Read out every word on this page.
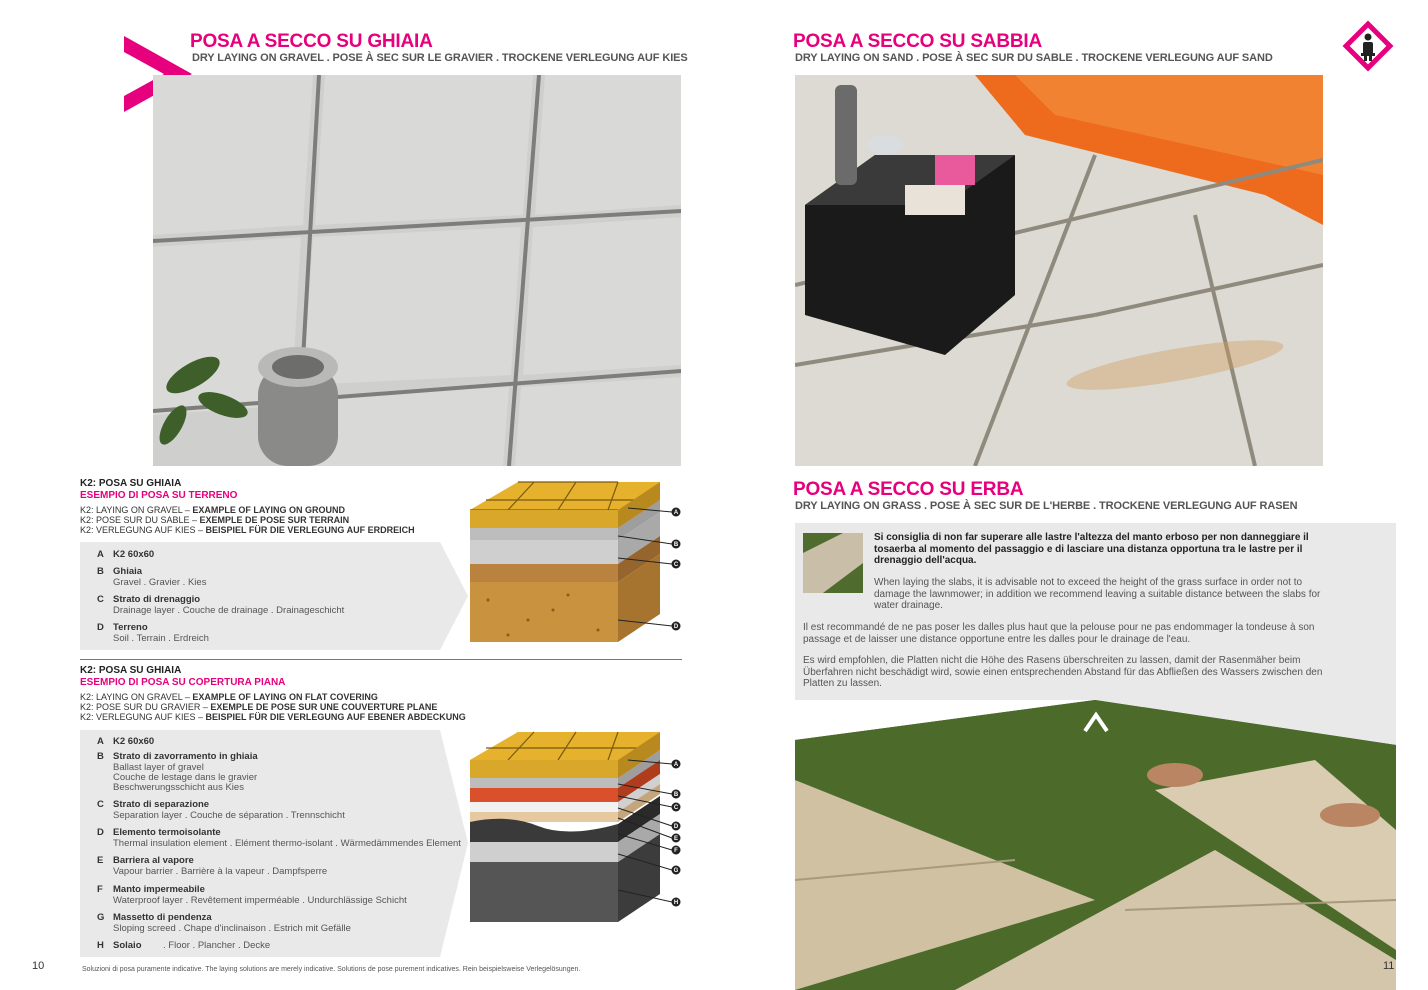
POSA A SECCO SU GHIAIA
DRY LAYING ON GRAVEL . POSE À SEC SUR LE GRAVIER . TROCKENE VERLEGUNG AUF KIES
K2: POSA SU GHIAIA
ESEMPIO DI POSA SU TERRENO
K2: LAYING ON GRAVEL – EXAMPLE OF LAYING ON GROUND
K2: POSE SUR DU SABLE – EXEMPLE DE POSE SUR TERRAIN
K2: VERLEGUNG AUF KIES – BEISPIEL FÜR DIE VERLEGUNG AUF ERDREICH
A K2 60x60
B Ghiaia
Gravel . Gravier . Kies
C Strato di drenaggio
Drainage layer . Couche de drainage . Drainageschicht
D Terreno
Soil . Terrain . Erdreich
A
B
C
D
K2: POSA SU GHIAIA
ESEMPIO DI POSA SU COPERTURA PIANA
K2: LAYING ON GRAVEL – EXAMPLE OF LAYING ON FLAT COVERING
K2: POSE SUR DU GRAVIER – EXEMPLE DE POSE SUR UNE COUVERTURE PLANE
K2: VERLEGUNG AUF KIES – BEISPIEL FÜR DIE VERLEGUNG AUF EBENER ABDECKUNG
A K2 60x60
B Strato di zavorramento in ghiaia
Ballast layer of gravel
Couche de lestage dans le gravier
Beschwerungsschicht aus Kies
C Strato di separazione
Separation layer . Couche de séparation . Trennschicht
D Elemento termoisolante
Thermal insulation element . Elément thermo-isolant . Wärmedämmendes Element
E	Barriera al vapore
Vapour barrier . Barrière à la vapeur . Dampfsperre
F	Manto impermeabile
Waterproof layer . Revêtement imperméable . Undurchlässige Schicht
G Massetto di pendenza
Sloping screed . Chape d'inclinaison . Estrich mit Gefälle
H Solaio . Floor . Plancher . Decke
A
B
C
D
E
F
G
H
10	Soluzioni di posa puramente indicative. The laying solutions are merely indicative. Solutions de pose purement indicatives. Rein beispielsweise Verlegelösungen.
POSA A SECCO SU SABBIA
DRY LAYING ON SAND . POSE À SEC SUR DU SABLE . TROCKENE VERLEGUNG AUF SAND
POSA A SECCO SU ERBA
DRY LAYING ON GRASS . POSE À SEC SUR DE L'HERBE . TROCKENE VERLEGUNG AUF RASEN
Si consiglia di non far superare alle lastre l'altezza del manto erboso per non danneggiare il tosaerba al momento del passaggio e di lasciare una distanza opportuna tra le lastre per il drenaggio dell'acqua.
When laying the slabs, it is advisable not to exceed the height of the grass surface in order not to damage the lawnmower; in addition we recommend leaving a suitable distance between the slabs for water drainage.
Il est recommandé de ne pas poser les dalles plus haut que la pelouse pour ne pas endommager la tondeuse à son passage et de laisser une distance opportune entre les dalles pour le drainage de l'eau.
Es wird empfohlen, die Platten nicht die Höhe des Rasens überschreiten zu lassen, damit der Rasenmäher beim Überfahren nicht beschädigt wird, sowie einen entsprechenden Abstand für das Abfließen des Wassers zwischen den Platten zu lassen.
11
